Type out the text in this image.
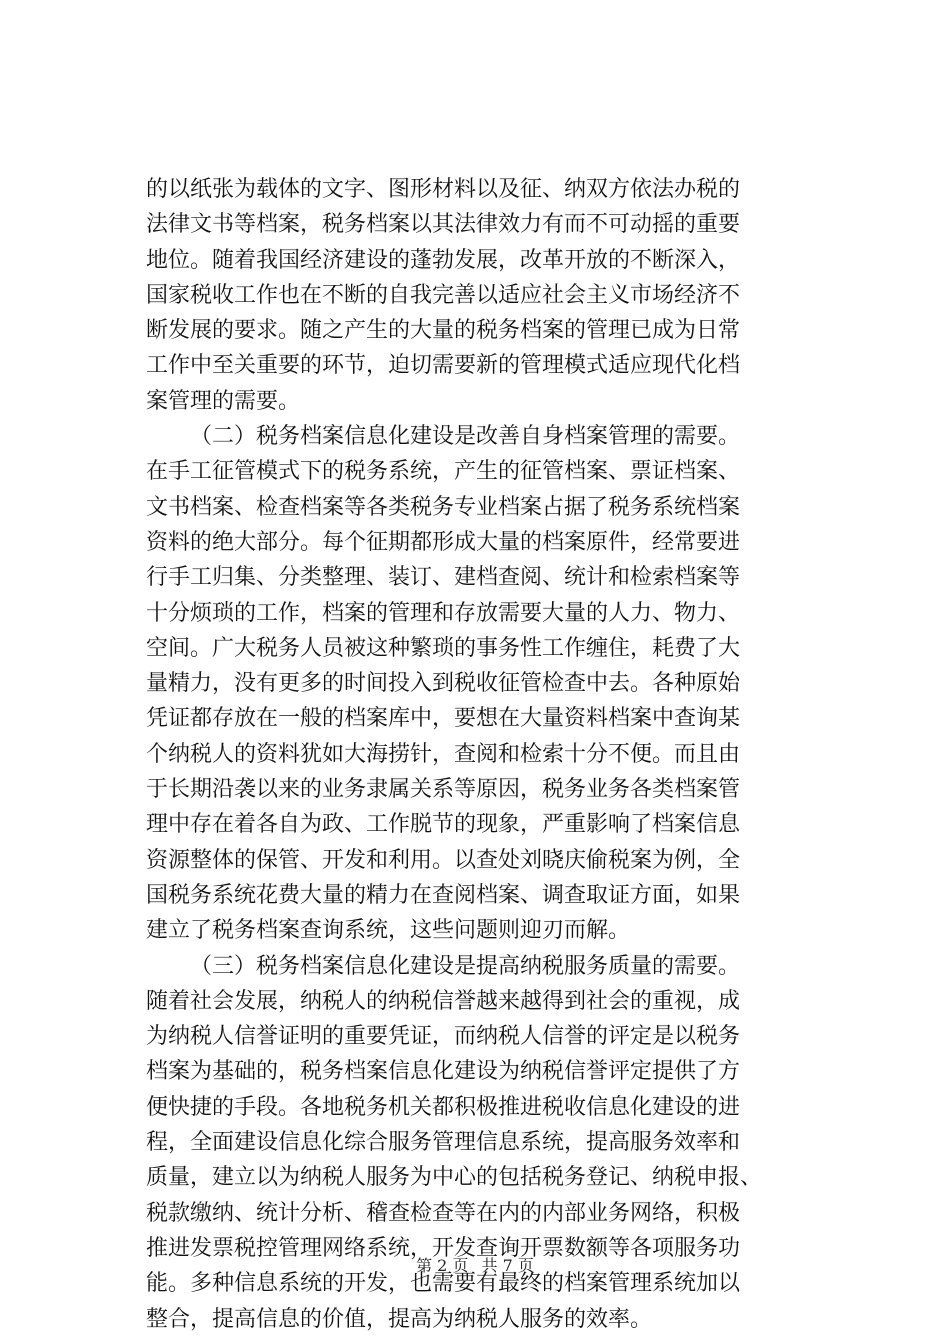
的以纸张为载体的文字、图形材料以及征、纳双方依法办税的
法律文书等档案，税务档案以其法律效力有而不可动摇的重要
地位。随着我国经济建设的蓬勃发展，改革开放的不断深入，
国家税收工作也在不断的自我完善以适应社会主义市场经济不
断发展的要求。随之产生的大量的税务档案的管理已成为日常
工作中至关重要的环节，迫切需要新的管理模式适应现代化档
案管理的需要。
（二）税务档案信息化建设是改善自身档案管理的需要。
在手工征管模式下的税务系统，产生的征管档案、票证档案、
文书档案、检查档案等各类税务专业档案占据了税务系统档案
资料的绝大部分。每个征期都形成大量的档案原件，经常要进
行手工归集、分类整理、装订、建档查阅、统计和检索档案等
十分烦琐的工作，档案的管理和存放需要大量的人力、物力、
空间。广大税务人员被这种繁琐的事务性工作缠住，耗费了大
量精力，没有更多的时间投入到税收征管检查中去。各种原始
凭证都存放在一般的档案库中，要想在大量资料档案中查询某
个纳税人的资料犹如大海捞针，查阅和检索十分不便。而且由
于长期沿袭以来的业务隶属关系等原因，税务业务各类档案管
理中存在着各自为政、工作脱节的现象，严重影响了档案信息
资源整体的保管、开发和利用。以查处刘晓庆偷税案为例，全
国税务系统花费大量的精力在查阅档案、调查取证方面，如果
建立了税务档案查询系统，这些问题则迎刃而解。
（三）税务档案信息化建设是提高纳税服务质量的需要。
随着社会发展，纳税人的纳税信誉越来越得到社会的重视，成
为纳税人信誉证明的重要凭证，而纳税人信誉的评定是以税务
档案为基础的，税务档案信息化建设为纳税信誉评定提供了方
便快捷的手段。各地税务机关都积极推进税收信息化建设的进
程，全面建设信息化综合服务管理信息系统，提高服务效率和
质量，建立以为纳税人服务为中心的包括税务登记、纳税申报、
税款缴纳、统计分析、稽查检查等在内的内部业务网络，积极
推进发票税控管理网络系统，开发查询开票数额等各项服务功
能。多种信息系统的开发，也需要有最终的档案管理系统加以
整合，提高信息的价值，提高为纳税人服务的效率。
第 2 页 共 7 页
